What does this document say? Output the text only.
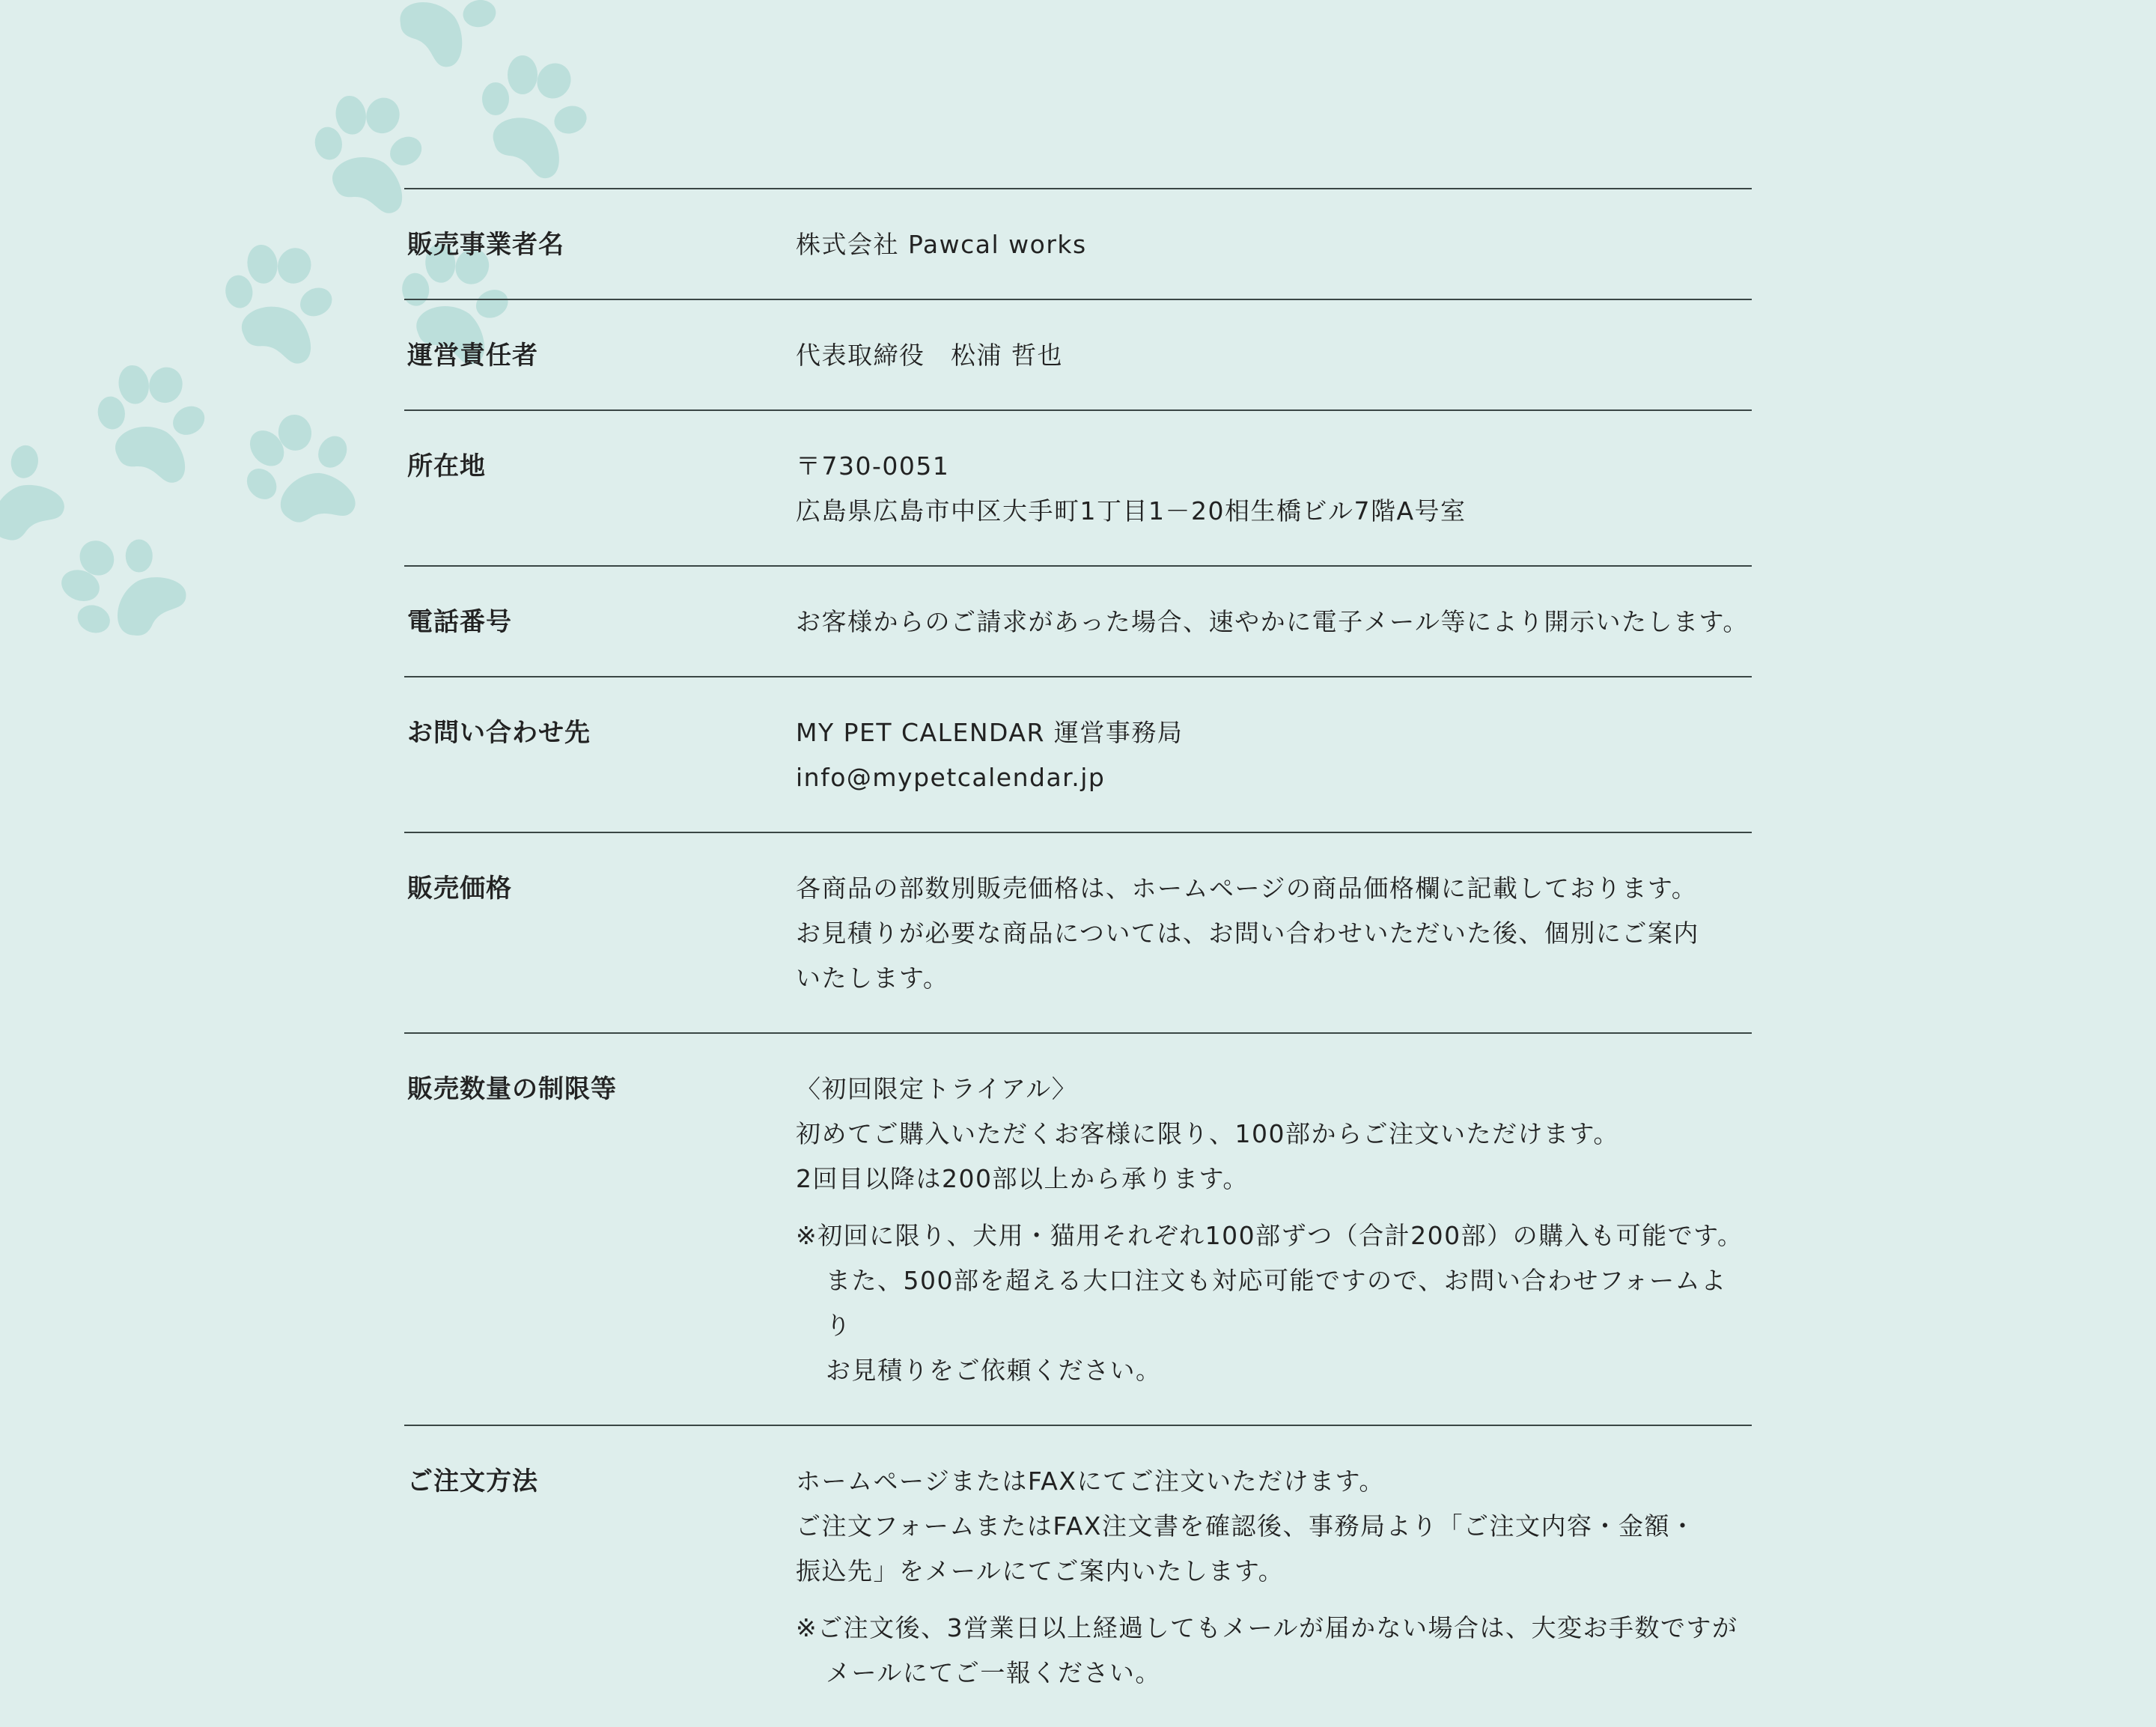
販売事業者名	株式会社 Pawcal works

運営責任者	代表取締役　松浦 哲也

所在地	〒730-0051

広島県広島市中区大手町1丁目1－20相生橋ビル7階A号室

電話番号	お客様からのご請求があった場合、速やかに電子メール等により開示いたします。

お問い合わせ先	MY PET CALENDAR 運営事務局

info@mypetcalendar.jp

販売価格	各商品の部数別販売価格は、ホームページの商品価格欄に記載しております。

お見積りが必要な商品については、お問い合わせいただいた後、個別にご案内

いたします。

販売数量の制限等	〈初回限定トライアル〉

初めてご購入いただくお客様に限り、100部からご注文いただけます。

2回目以降は200部以上から承ります。

※初回に限り、犬用・猫用それぞれ100部ずつ（合計200部）の購入も可能です。

また、500部を超える大口注文も対応可能ですので、お問い合わせフォームより

お見積りをご依頼ください。

ご注文方法	ホームページまたはFAXにてご注文いただけます。

ご注文フォームまたはFAX注文書を確認後、事務局より「ご注文内容・金額・

振込先」をメールにてご案内いたします。

※ご注文後、3営業日以上経過してもメールが届かない場合は、大変お手数ですが

メールにてご一報ください。
